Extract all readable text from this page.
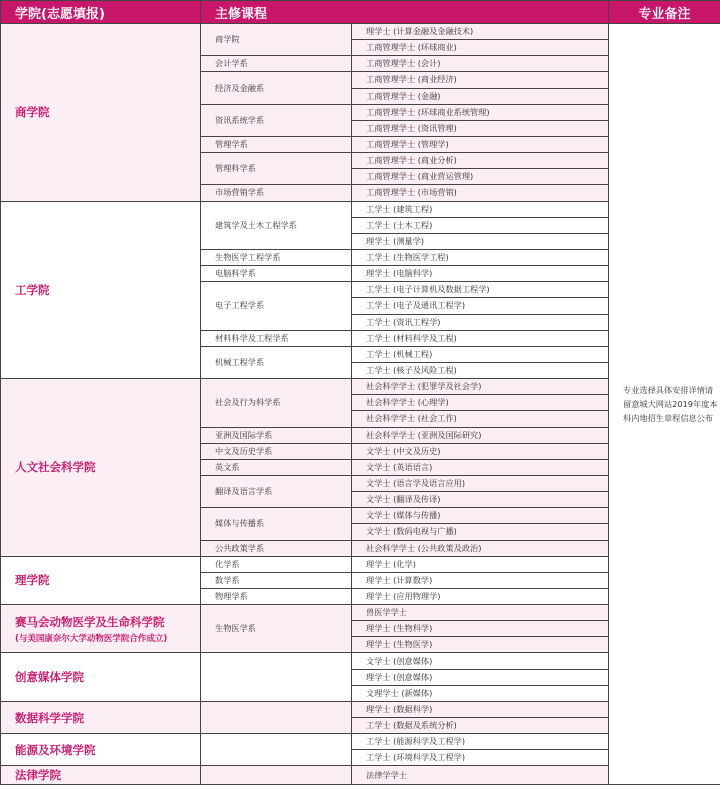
学院(志愿填报)	主修课程		专业备注
商学院	商学院	理学士 (计算金融及金融技术)	专业选择具体安排详情请留意城大网站2019年度本科内地招生章程信息公布
		工商管理学士 (环球商业)	
	会计学系	工商管理学士 (会计)	
	经济及金融系	工商管理学士 (商业经济)	
		工商管理学士 (金融)	
	资讯系统学系	工商管理学士 (环球商业系统管理)	
		工商管理学士 (资讯管理)	
	管理学系	工商管理学士 (管理学)	
	管理科学系	工商管理学士 (商业分析)	
		工商管理学士 (商业营运管理)	
	市场营销学系	工商管理学士 (市场营销)	
工学院	建筑学及土木工程学系	工学士 (建筑工程)	
		工学士 (土木工程)	
		理学士 (测量学)	
	生物医学工程学系	工学士 (生物医学工程)	
	电脑科学系	理学士 (电脑科学)	
	电子工程学系	工学士 (电子计算机及数据工程学)	
		工学士 (电子及通讯工程学)	
		工学士 (资讯工程学)	
	材料科学及工程学系	工学士 (材料科学及工程)	
	机械工程学系	工学士 (机械工程)	
		工学士 (核子及风险工程)	
人文社会科学院	社会及行为科学系	社会科学学士 (犯罪学及社会学)	
		社会科学学士 (心理学)	
		社会科学学士 (社会工作)	
	亚洲及国际学系	社会科学学士 (亚洲及国际研究)	
	中文及历史学系	文学士 (中文及历史)	
	英文系	文学士 (英语语言)	
	翻译及语言学系	文学士 (语言学及语言应用)	
		文学士 (翻译及传译)	
	媒体与传播系	文学士 (媒体与传播)	
		文学士 (数码电视与广播)	
	公共政策学系	社会科学学士 (公共政策及政治)	
理学院	化学系	理学士 (化学)	
	数学系	理学士 (计算数学)	
	物理学系	理学士 (应用物理学)	
赛马会动物医学及生命科学院
(与美国康奈尔大学动物医学院合作成立)	生物医学系	兽医学学士	
		理学士 (生物科学)	
		理学士 (生物医学)	
创意媒体学院		文学士 (创意媒体)	
		理学士 (创意媒体)	
		文理学士 (新媒体)	
数据科学学院		理学士 (数据科学)	
		工学士 (数据及系统分析)	
能源及环境学院		工学士 (能源科学及工程学)	
		工学士 (环境科学及工程学)	
法律学院		法律学学士	
